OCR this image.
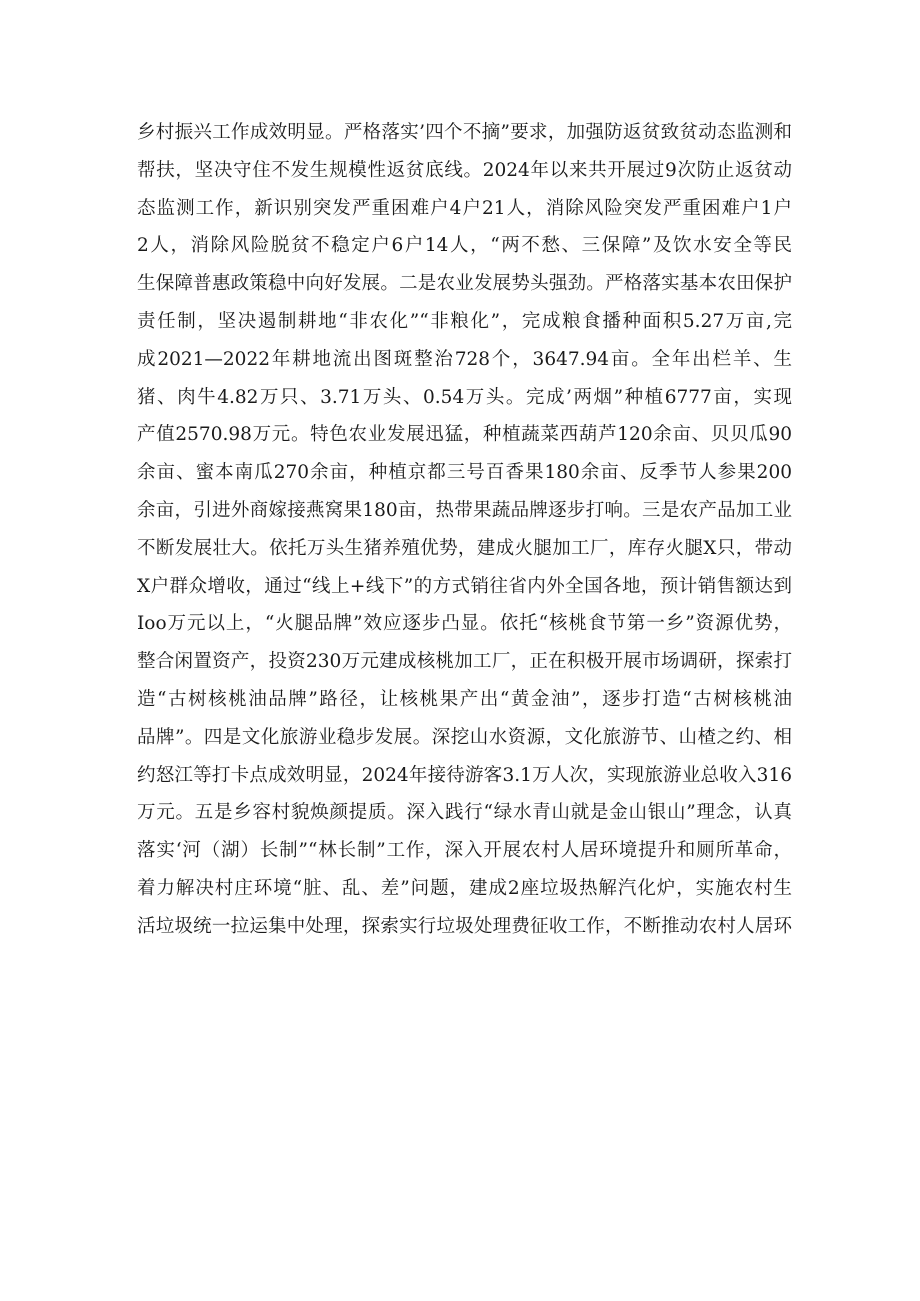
乡村振兴工作成效明显。严格落实’四个不摘”要求，加强防返贫致贫动态监测和
帮扶，坚决守住不发生规模性返贫底线。2024年以来共开展过9次防止返贫动
态监测工作，新识别突发严重困难户4户21人，消除风险突发严重困难户1户
2人，消除风险脱贫不稳定户6户14人，“两不愁、三保障”及饮水安全等民
生保障普惠政策稳中向好发展。二是农业发展势头强劲。严格落实基本农田保护
责任制，坚决遏制耕地“非农化”“非粮化”，完成粮食播种面积5.27万亩,完
成2021—2022年耕地流出图斑整治728个，3647.94亩。全年出栏羊、生
猪、肉牛4.82万只、3.71万头、0.54万头。完成’两烟”种植6777亩，实现
产值2570.98万元。特色农业发展迅猛，种植蔬菜西葫芦120余亩、贝贝瓜90
余亩、蜜本南瓜270余亩，种植京都三号百香果180余亩、反季节人参果200
余亩，引进外商嫁接燕窝果180亩，热带果蔬品牌逐步打响。三是农产品加工业
不断发展壮大。依托万头生猪养殖优势，建成火腿加工厂，库存火腿X只，带动
X户群众增收，通过“线上+线下”的方式销往省内外全国各地，预计销售额达到
Ioo万元以上，“火腿品牌”效应逐步凸显。依托“核桃食节第一乡”资源优势，
整合闲置资产，投资230万元建成核桃加工厂，正在积极开展市场调研，探索打
造“古树核桃油品牌”路径，让核桃果产出“黄金油”，逐步打造“古树核桃油
品牌”。四是文化旅游业稳步发展。深挖山水资源，文化旅游节、山楂之约、相
约怒江等打卡点成效明显，2024年接待游客3.1万人次，实现旅游业总收入316
万元。五是乡容村貌焕颜提质。深入践行“绿水青山就是金山银山”理念，认真
落实‘河（湖）长制”“林长制”工作，深入开展农村人居环境提升和厕所革命，
着力解决村庄环境“脏、乱、差”问题，建成2座垃圾热解汽化炉，实施农村生
活垃圾统一拉运集中处理，探索实行垃圾处理费征收工作，不断推动农村人居环
